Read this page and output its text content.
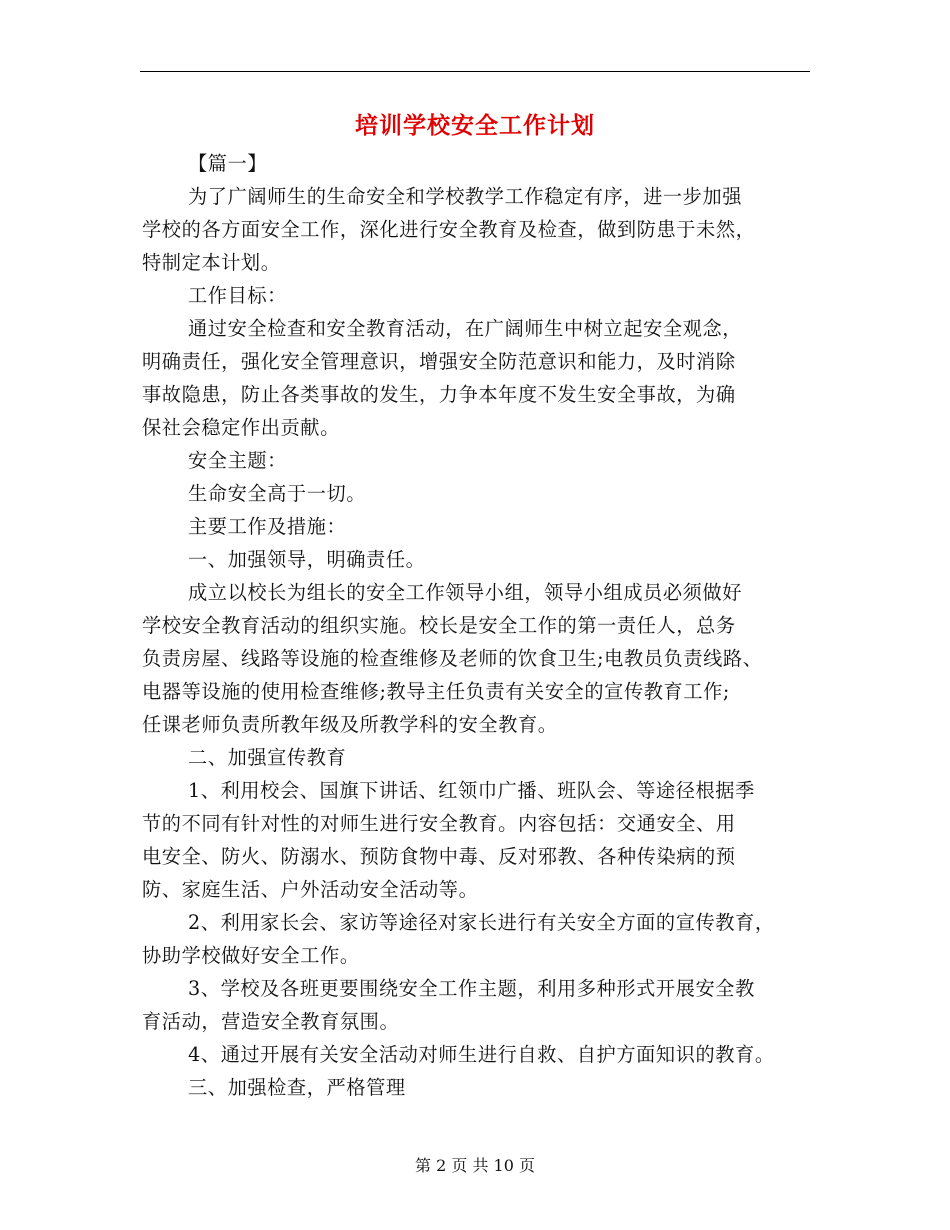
培训学校安全工作计划
【篇一】
为了广阔师生的生命安全和学校教学工作稳定有序，进一步加强
学校的各方面安全工作，深化进行安全教育及检查，做到防患于未然，
特制定本计划。
工作目标：
通过安全检查和安全教育活动，在广阔师生中树立起安全观念，
明确责任，强化安全管理意识，增强安全防范意识和能力，及时消除
事故隐患，防止各类事故的发生，力争本年度不发生安全事故，为确
保社会稳定作出贡献。
安全主题：
生命安全高于一切。
主要工作及措施：
一、加强领导，明确责任。
成立以校长为组长的安全工作领导小组，领导小组成员必须做好
学校安全教育活动的组织实施。校长是安全工作的第一责任人，总务
负责房屋、线路等设施的检查维修及老师的饮食卫生;电教员负责线路、
电器等设施的使用检查维修;教导主任负责有关安全的宣传教育工作;
任课老师负责所教年级及所教学科的安全教育。
二、加强宣传教育
1、利用校会、国旗下讲话、红领巾广播、班队会、等途径根据季
节的不同有针对性的对师生进行安全教育。内容包括：交通安全、用
电安全、防火、防溺水、预防食物中毒、反对邪教、各种传染病的预
防、家庭生活、户外活动安全活动等。
2、利用家长会、家访等途径对家长进行有关安全方面的宣传教育，
协助学校做好安全工作。
3、学校及各班更要围绕安全工作主题，利用多种形式开展安全教
育活动，营造安全教育氛围。
4、通过开展有关安全活动对师生进行自救、自护方面知识的教育。
三、加强检查，严格管理
第 2 页 共 10 页
